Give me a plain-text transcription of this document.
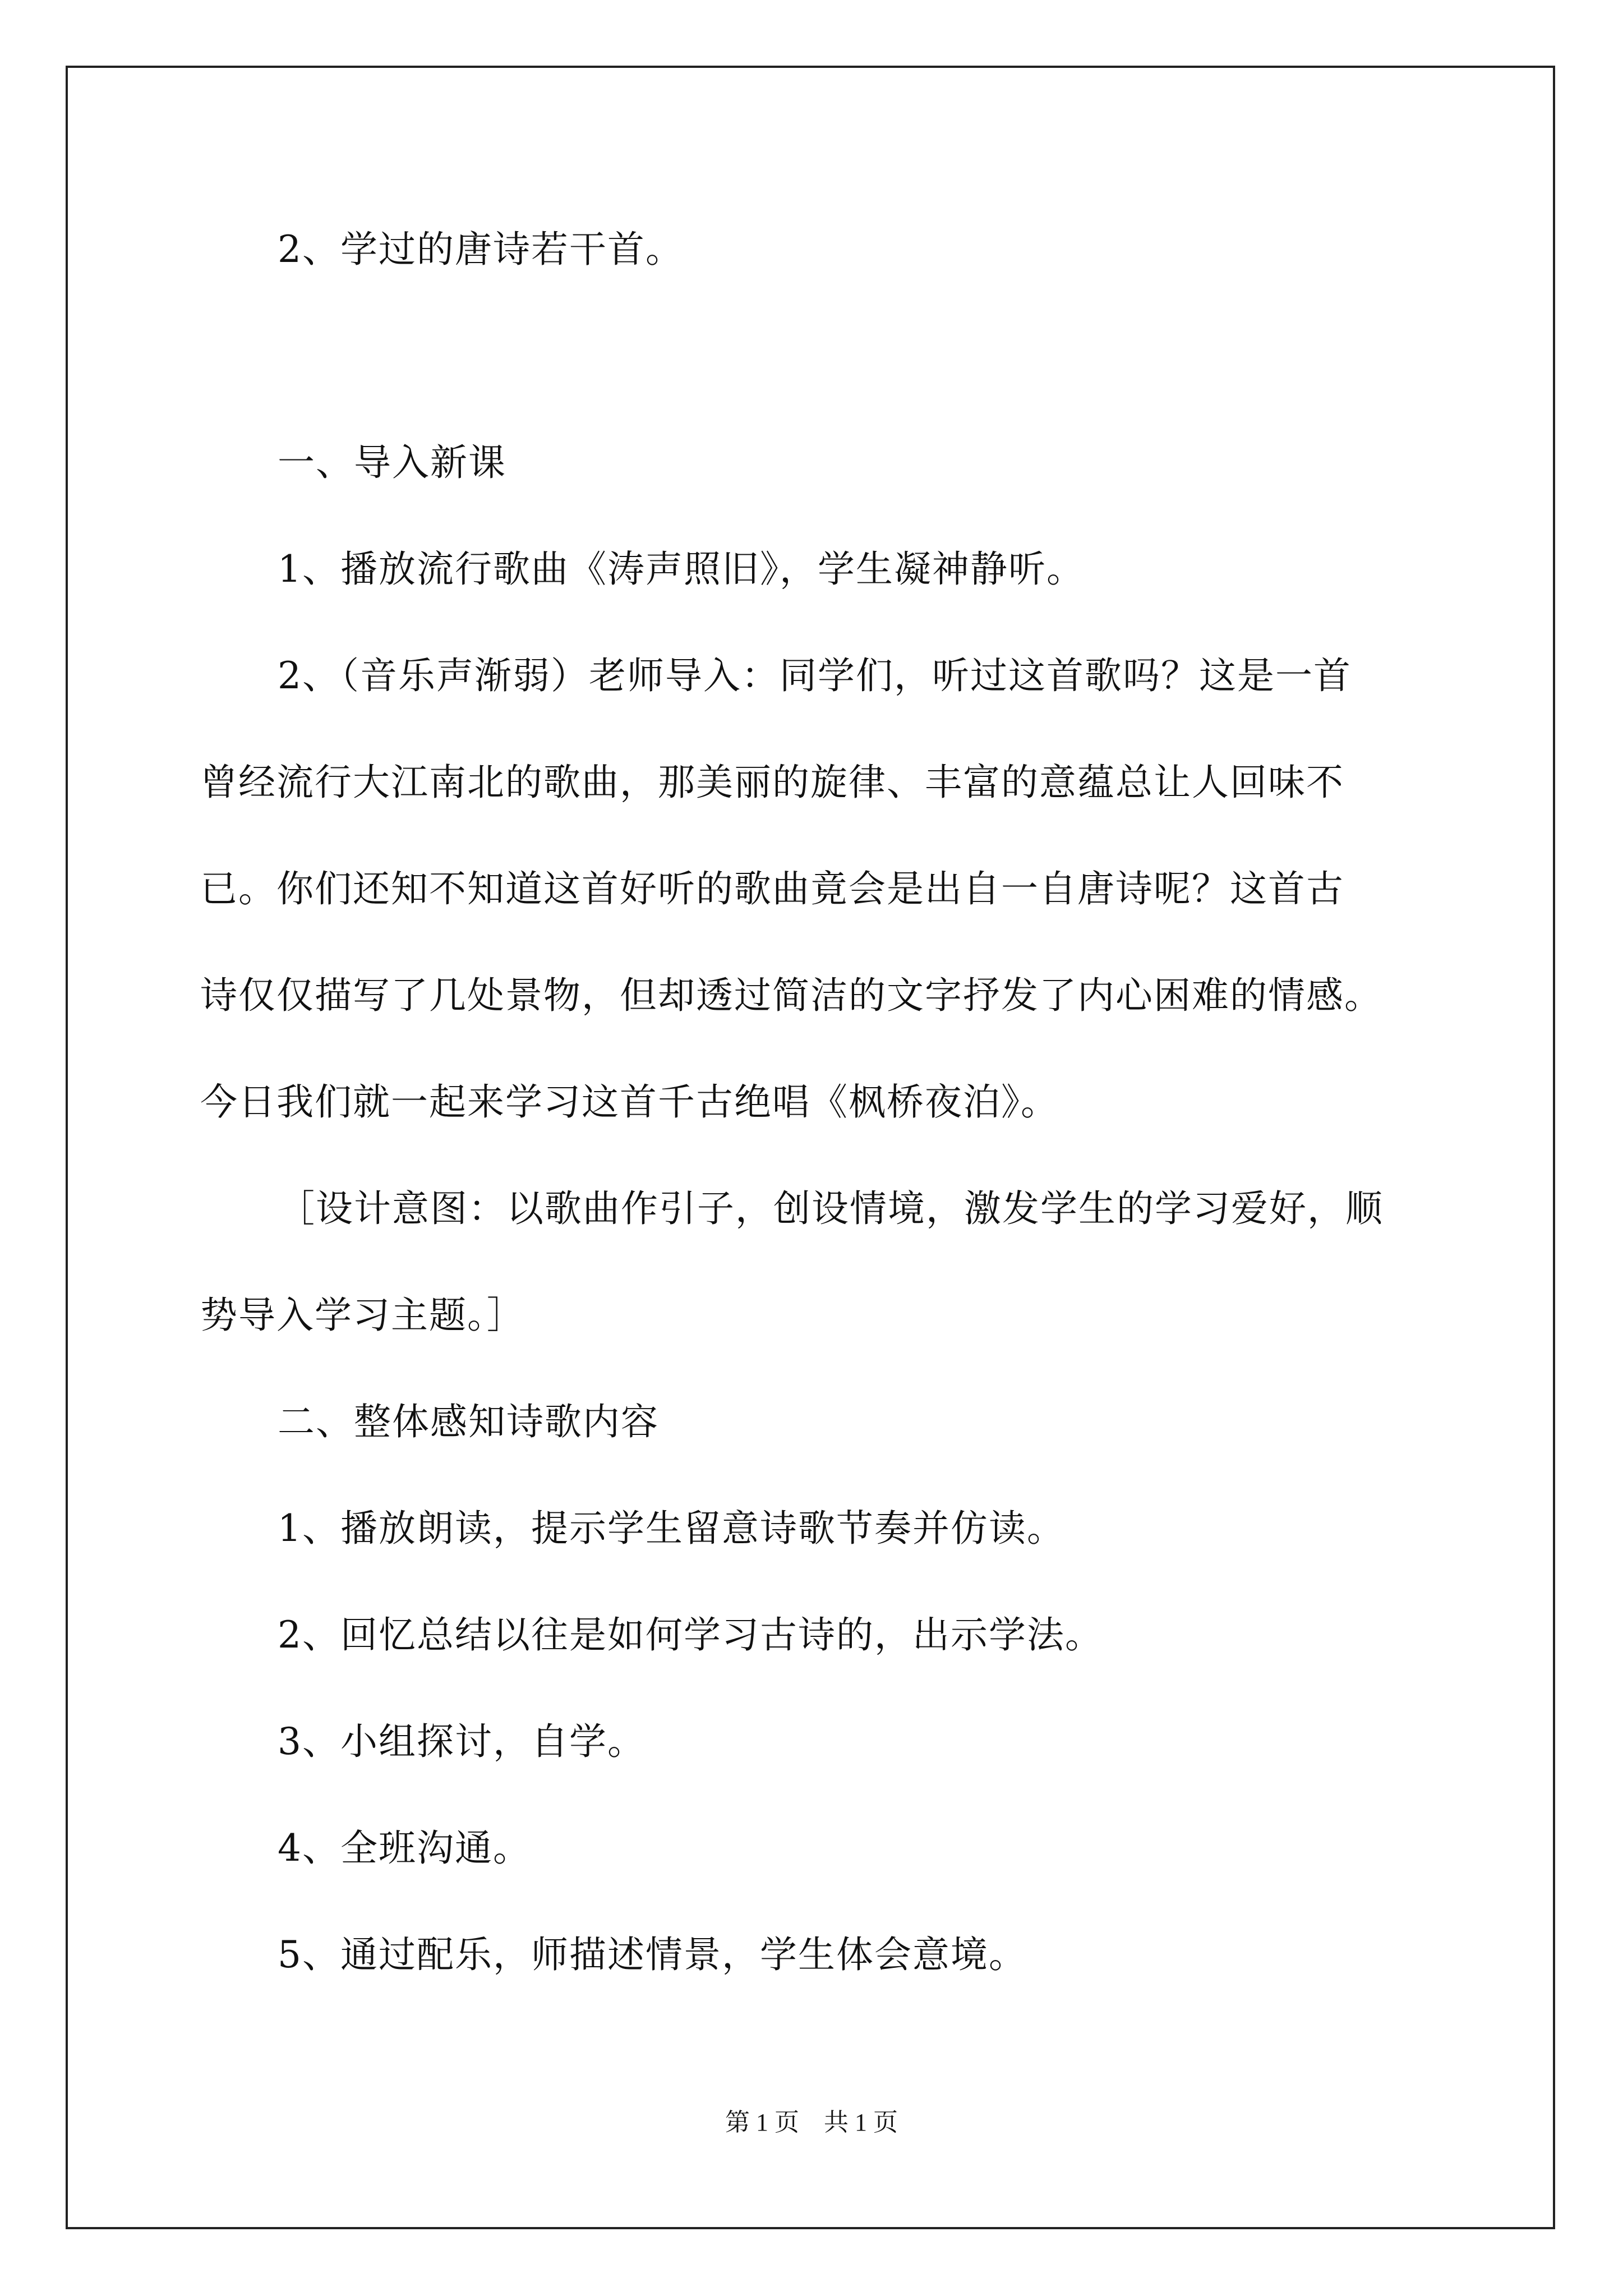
2、学过的唐诗若干首。
一、导入新课
1、播放流行歌曲《涛声照旧》，学生凝神静听。
2、（音乐声渐弱）老师导入：同学们，听过这首歌吗？这是一首
曾经流行大江南北的歌曲，那美丽的旋律、丰富的意蕴总让人回味不
已。你们还知不知道这首好听的歌曲竟会是出自一自唐诗呢？这首古
诗仅仅描写了几处景物，但却透过简洁的文字抒发了内心困难的情感。
今日我们就一起来学习这首千古绝唱《枫桥夜泊》。
［设计意图：以歌曲作引子，创设情境，激发学生的学习爱好，顺
势导入学习主题。］
二、整体感知诗歌内容
1、播放朗读，提示学生留意诗歌节奏并仿读。
2、回忆总结以往是如何学习古诗的，出示学法。
3、小组探讨，自学。
4、全班沟通。
5、通过配乐，师描述情景，学生体会意境。
第 1 页　共 1 页
